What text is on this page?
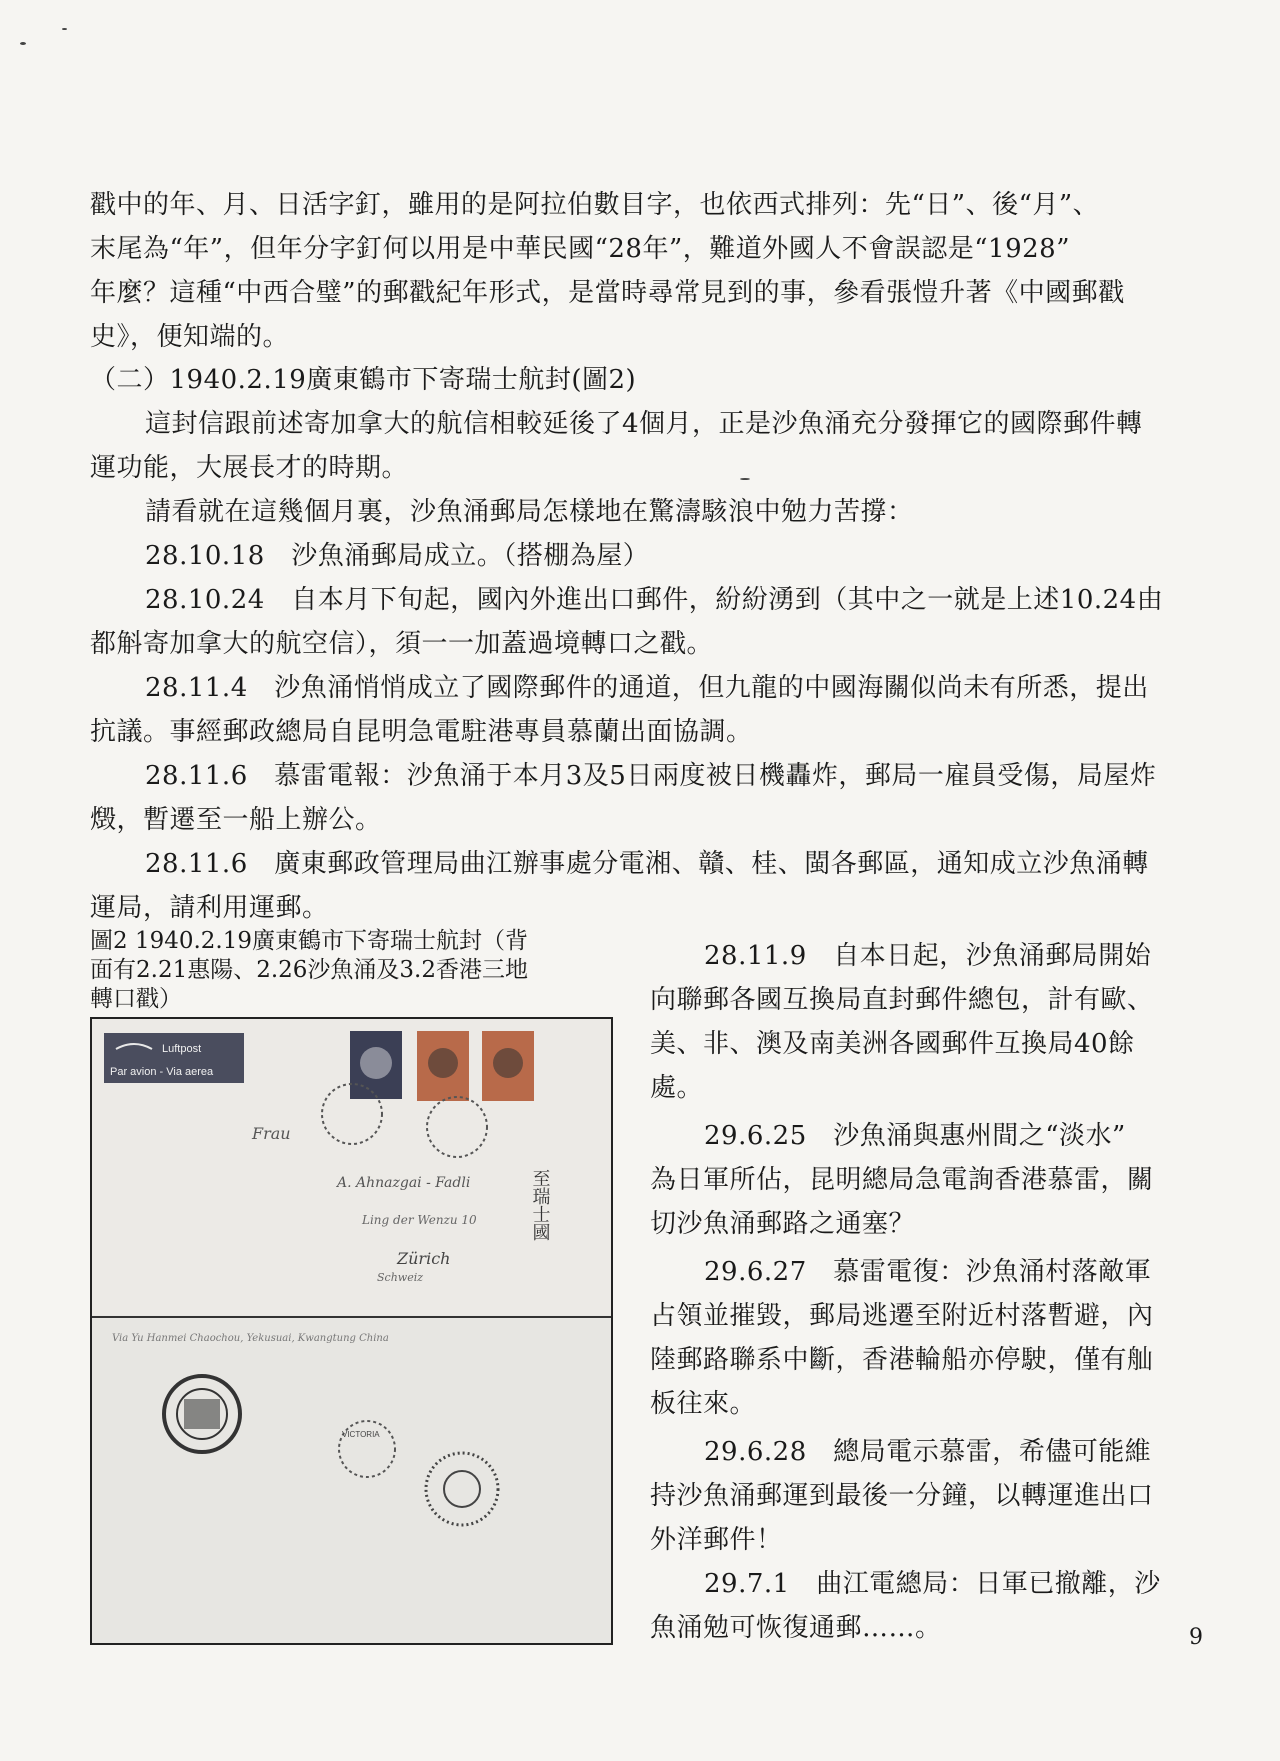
戳中的年、月、日活字釘，雖用的是阿拉伯數目字，也依西式排列：先“日”、後“月”、
末尾為“年”，但年分字釘何以用是中華民國“28年”，難道外國人不會誤認是“1928”
年麼？這種“中西合璧”的郵戳紀年形式，是當時尋常見到的事，參看張愷升著《中國郵戳
史》，便知端的。
（二）1940.2.19廣東鶴市下寄瑞士航封(圖2)
這封信跟前述寄加拿大的航信相較延後了4個月，正是沙魚涌充分發揮它的國際郵件轉
運功能，大展長才的時期。
請看就在這幾個月裏，沙魚涌郵局怎樣地在驚濤駭浪中勉力苦撐：
28.10.18　沙魚涌郵局成立。（搭棚為屋）
28.10.24　自本月下旬起，國內外進出口郵件，紛紛湧到（其中之一就是上述10.24由
都斛寄加拿大的航空信），須一一加蓋過境轉口之戳。
28.11.4　沙魚涌悄悄成立了國際郵件的通道，但九龍的中國海關似尚未有所悉，提出
抗議。事經郵政總局自昆明急電駐港專員慕蘭出面協調。
28.11.6　慕雷電報：沙魚涌于本月3及5日兩度被日機轟炸，郵局一雇員受傷，局屋炸
燬，暫遷至一船上辦公。
28.11.6　廣東郵政管理局曲江辦事處分電湘、贛、桂、閩各郵區，通知成立沙魚涌轉
運局，請利用運郵。
圖2 1940.2.19廣東鶴市下寄瑞士航封（背
面有2.21惠陽、2.26沙魚涌及3.2香港三地
轉口戳）
Luftpost
Par avion - Via aerea
Frau
A. Ahnazgai - Fadli
Ling der Wenzu 10
Zürich
Schweiz
至瑞士國
Via Yu Hanmei Chaochou, Yekusuai, Kwangtung China
VICTORIA
28.11.9　自本日起，沙魚涌郵局開始
向聯郵各國互換局直封郵件總包，計有歐、
美、非、澳及南美洲各國郵件互換局40餘
處。
29.6.25　沙魚涌與惠州間之“淡水”
為日軍所佔，昆明總局急電詢香港慕雷，關
切沙魚涌郵路之通塞？
29.6.27　慕雷電復：沙魚涌村落敵軍
占領並摧毀，郵局逃遷至附近村落暫避，內
陸郵路聯系中斷，香港輪船亦停駛，僅有舢
板往來。
29.6.28　總局電示慕雷，希儘可能維
持沙魚涌郵運到最後一分鐘，以轉運進出口
外洋郵件！
29.7.1　曲江電總局：日軍已撤離，沙
魚涌勉可恢復通郵……。	9
